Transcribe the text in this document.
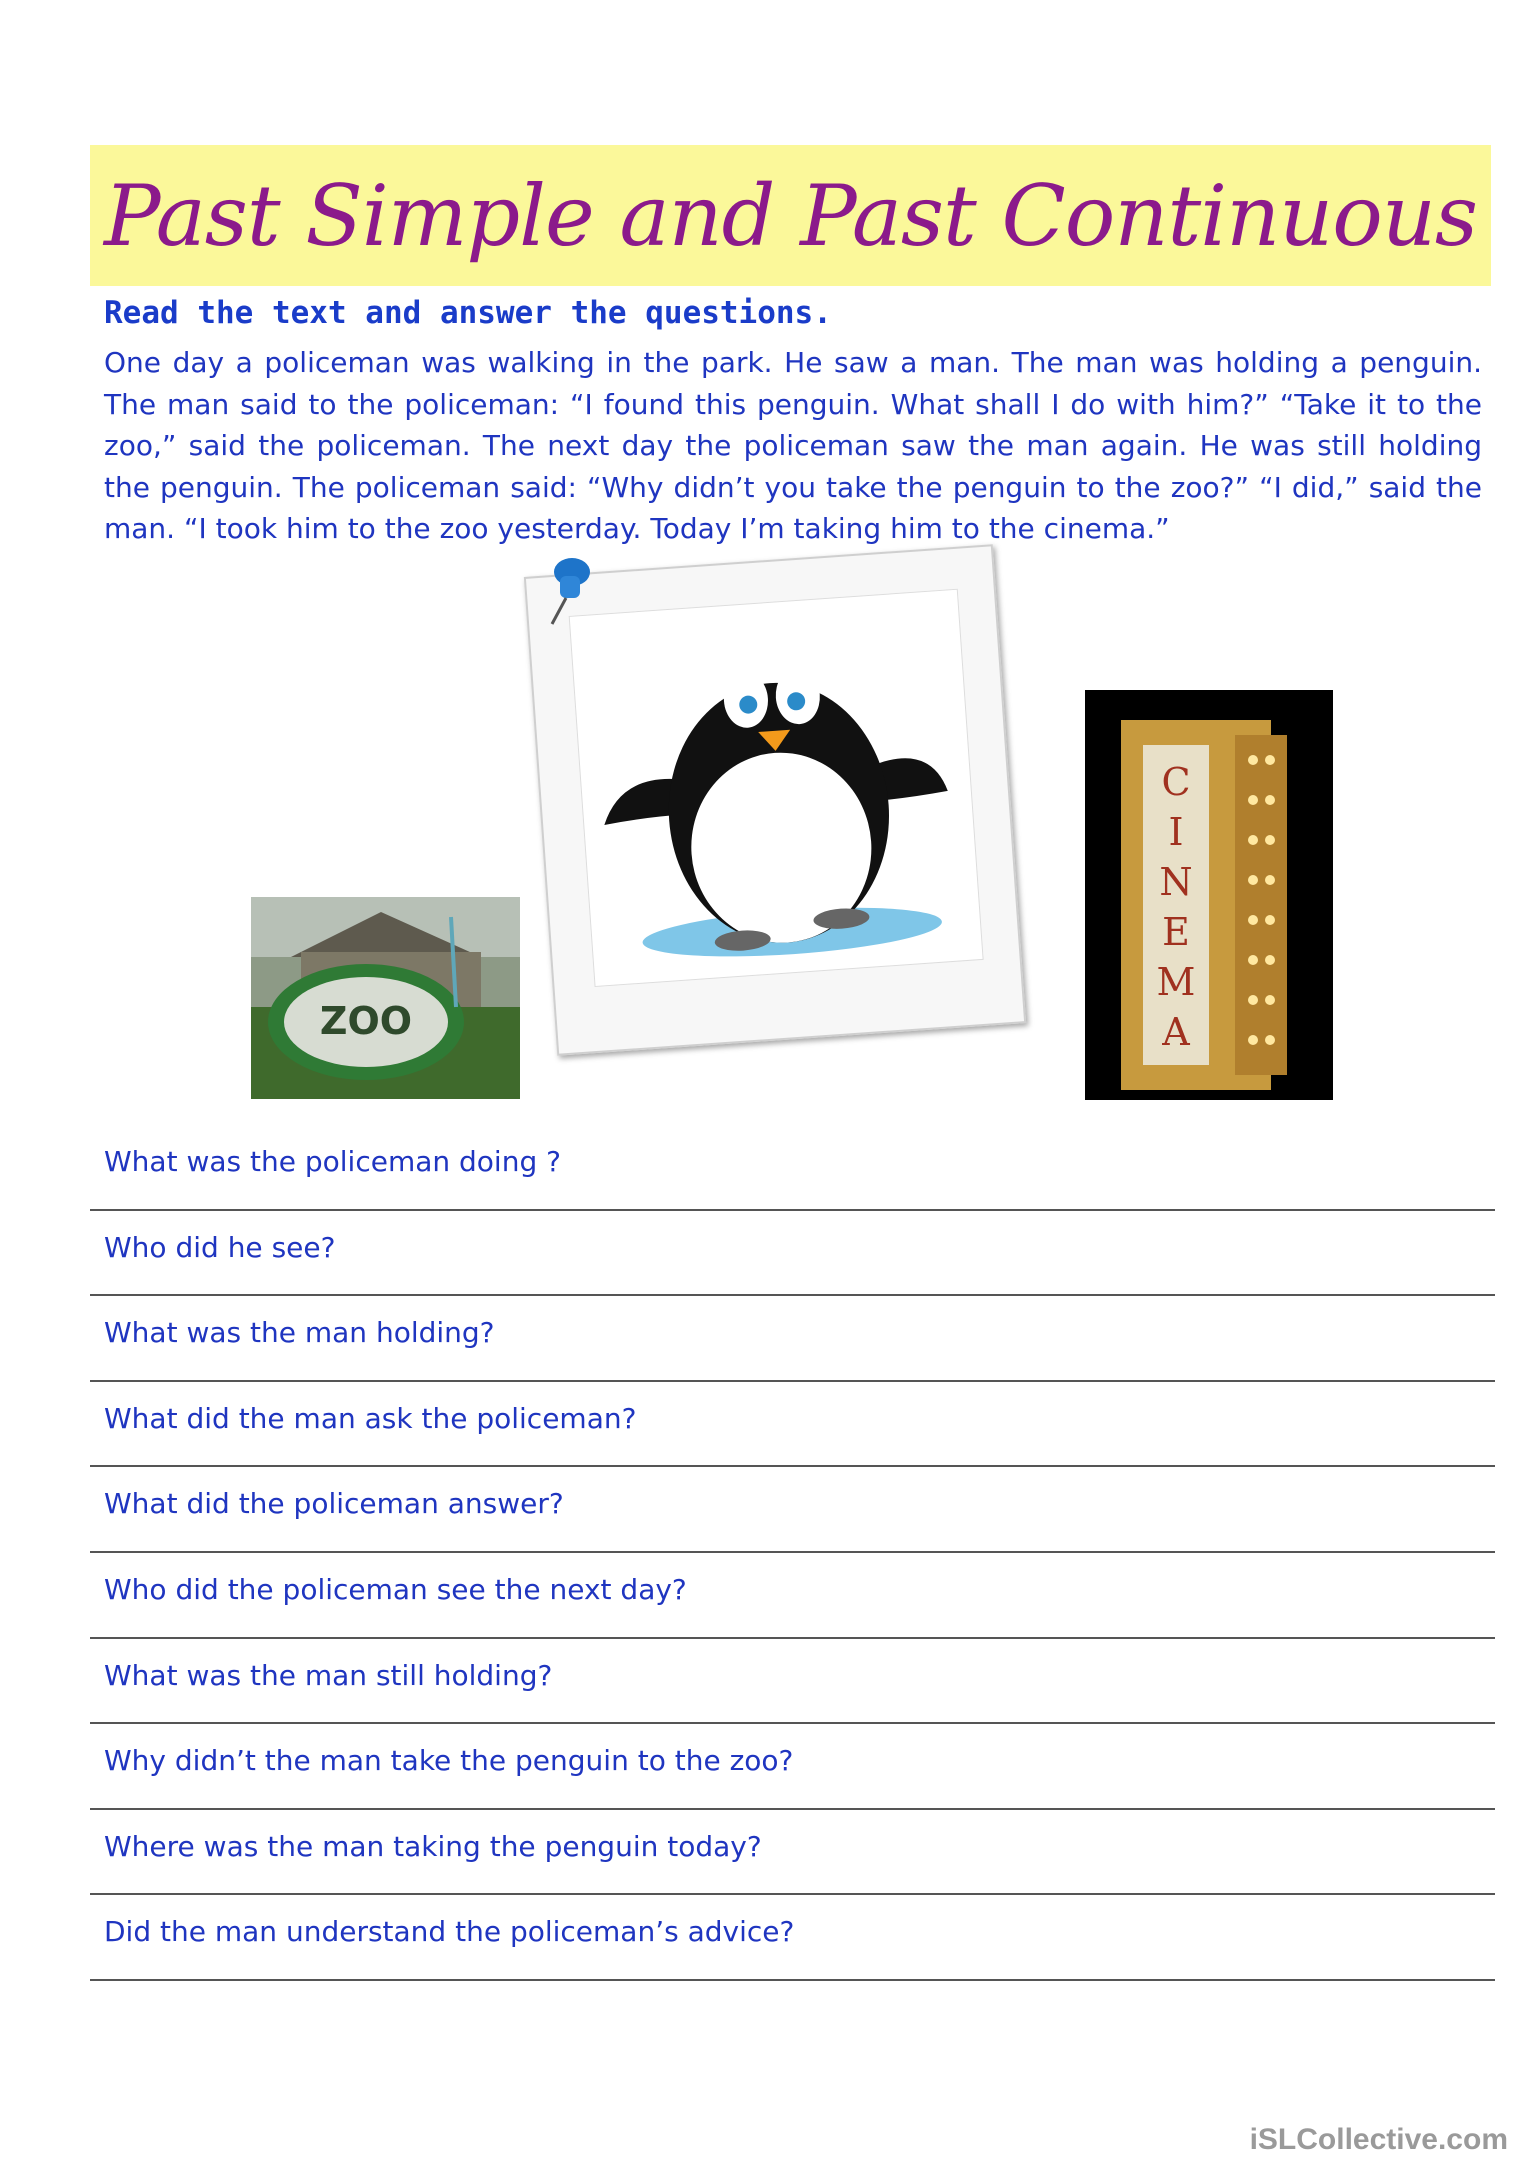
Past Simple and Past Continuous
Read the text and answer the questions.
One day a policeman was walking in the park. He saw a man. The man was holding a penguin. The man said to the policeman: “I found this penguin. What shall I do with him?” “Take it to the zoo,” said the policeman. The next day the policeman saw the man again. He was still holding the penguin. The policeman said: “Why didn’t you take the penguin to the zoo?” “I did,” said the man. “I took him to the zoo yesterday. Today I’m taking him to the cinema.”
ZOO
C
I
N
E
M
A
What was the policeman doing ?
Who did he see?
What was the man holding?
What did the man ask the policeman?
What did the policeman answer?
Who did the policeman see the next day?
What was the man still holding?
Why didn’t the man take the penguin to the zoo?
Where was the man taking the penguin today?
Did the man understand the policeman’s advice?
iSLCollective.com
